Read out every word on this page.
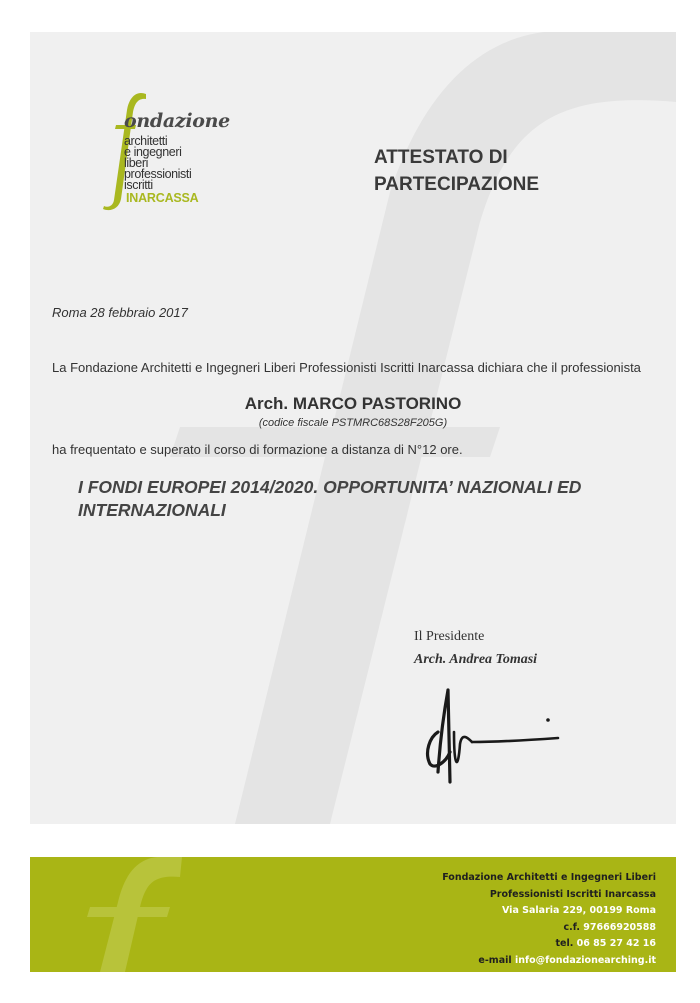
ondazione
architetti
e ingegneri
liberi
professionisti
iscritti
INARCASSA
ATTESTATO DI
PARTECIPAZIONE
Roma 28 febbraio 2017
La Fondazione Architetti e Ingegneri Liberi Professionisti Iscritti Inarcassa dichiara che il professionista
Arch. MARCO PASTORINO
(codice fiscale PSTMRC68S28F205G)
ha frequentato e superato il corso di formazione a distanza di N°12 ore.
I FONDI EUROPEI 2014/2020. OPPORTUNITA’ NAZIONALI ED INTERNAZIONALI
Il Presidente
Arch. Andrea Tomasi
Fondazione Architetti e Ingegneri Liberi
Professionisti Iscritti Inarcassa
Via Salaria 229, 00199 Roma
c.f. 97666920588
tel. 06 85 27 42 16
e-mail info@fondazionearching.it
